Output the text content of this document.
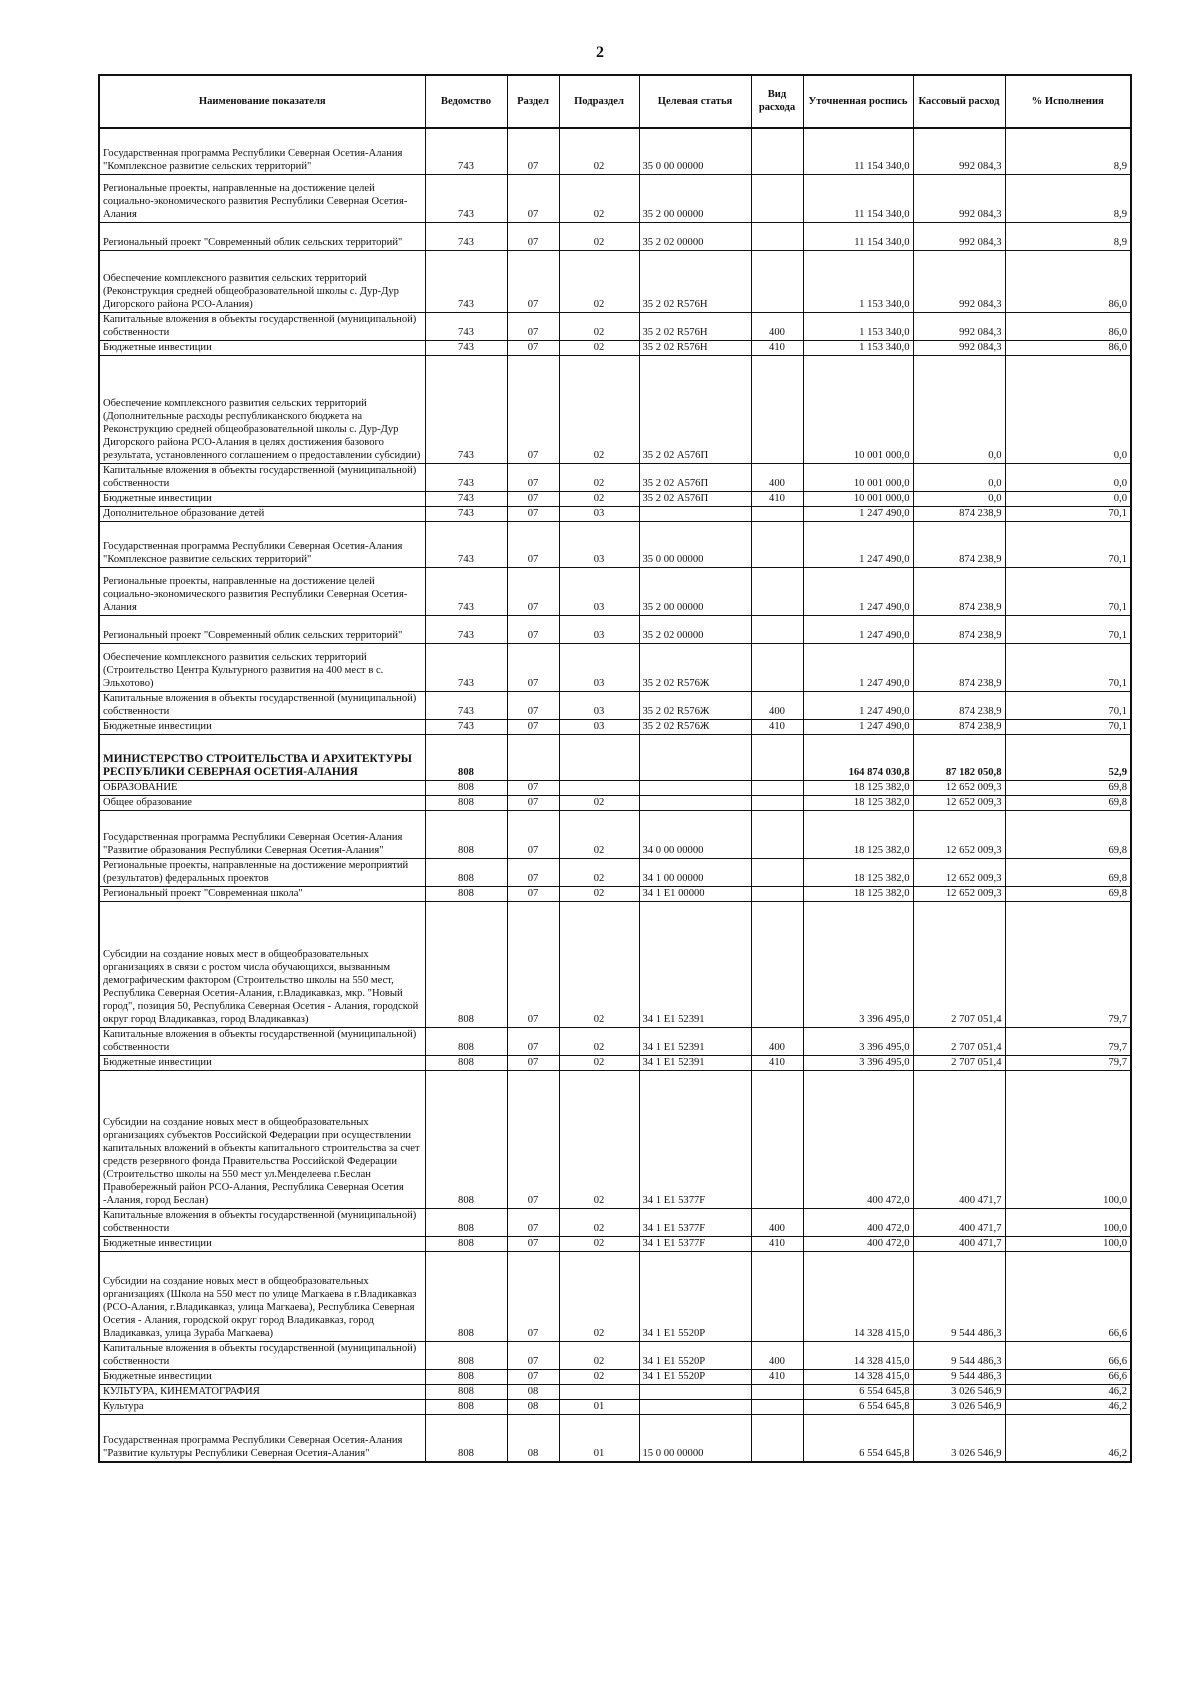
2
Наименование показателя	Ведомство	Раздел	Подраздел	Целевая статья	Вид расхода	Уточненная роспись	Кассовый расход	% Исполнения
Государственная программа Республики Северная Осетия-Алания "Комплексное развитие сельских территорий"	743	07	02	35 0 00 00000		11 154 340,0	992 084,3	8,9
Региональные проекты, направленные на достижение целей социально-экономического развития Республики Северная Осетия-Алания	743	07	02	35 2 00 00000		11 154 340,0	992 084,3	8,9
Региональный проект "Современный облик сельских территорий"	743	07	02	35 2 02 00000		11 154 340,0	992 084,3	8,9
Обеспечение комплексного развития сельских территорий (Реконструкция средней общеобразовательной школы с. Дур-Дур Дигорского района РСО-Алания)	743	07	02	35 2 02 R576Н		1 153 340,0	992 084,3	86,0
Капитальные вложения в объекты государственной (муниципальной) собственности	743	07	02	35 2 02 R576Н	400	1 153 340,0	992 084,3	86,0
Бюджетные инвестиции	743	07	02	35 2 02 R576Н	410	1 153 340,0	992 084,3	86,0
Обеспечение комплексного развития сельских территорий (Дополнительные расходы республиканского бюджета на Реконструкцию средней общеобразовательной школы с. Дур-Дур Дигорского района РСО-Алания в целях достижения базового результата, установленного соглашением о предоставлении субсидии)	743	07	02	35 2 02 А576П		10 001 000,0	0,0	0,0
Капитальные вложения в объекты государственной (муниципальной) собственности	743	07	02	35 2 02 А576П	400	10 001 000,0	0,0	0,0
Бюджетные инвестиции	743	07	02	35 2 02 А576П	410	10 001 000,0	0,0	0,0
Дополнительное образование детей	743	07	03			1 247 490,0	874 238,9	70,1
Государственная программа Республики Северная Осетия-Алания "Комплексное развитие сельских территорий"	743	07	03	35 0 00 00000		1 247 490,0	874 238,9	70,1
Региональные проекты, направленные на достижение целей социально-экономического развития Республики Северная Осетия-Алания	743	07	03	35 2 00 00000		1 247 490,0	874 238,9	70,1
Региональный проект "Современный облик сельских территорий"	743	07	03	35 2 02 00000		1 247 490,0	874 238,9	70,1
Обеспечение комплексного развития сельских территорий (Строительство Центра Культурного развития на 400 мест в с. Эльхотово)	743	07	03	35 2 02 R576Ж		1 247 490,0	874 238,9	70,1
Капитальные вложения в объекты государственной (муниципальной) собственности	743	07	03	35 2 02 R576Ж	400	1 247 490,0	874 238,9	70,1
Бюджетные инвестиции	743	07	03	35 2 02 R576Ж	410	1 247 490,0	874 238,9	70,1
МИНИСТЕРСТВО СТРОИТЕЛЬСТВА И АРХИТЕКТУРЫ РЕСПУБЛИКИ СЕВЕРНАЯ ОСЕТИЯ-АЛАНИЯ	808					164 874 030,8	87 182 050,8	52,9
ОБРАЗОВАНИЕ	808	07				18 125 382,0	12 652 009,3	69,8
Общее образование	808	07	02			18 125 382,0	12 652 009,3	69,8
Государственная программа Республики Северная Осетия-Алания "Развитие образования Республики Северная Осетия-Алания"	808	07	02	34 0 00 00000		18 125 382,0	12 652 009,3	69,8
Региональные проекты, направленные на достижение мероприятий (результатов) федеральных проектов	808	07	02	34 1 00 00000		18 125 382,0	12 652 009,3	69,8
Региональный проект "Современная школа"	808	07	02	34 1 Е1 00000		18 125 382,0	12 652 009,3	69,8
Субсидии на создание новых мест в общеобразовательных организациях в связи с ростом числа обучающихся, вызванным демографическим фактором (Строительство школы на 550 мест, Республика Северная Осетия-Алания, г.Владикавказ, мкр. "Новый город", позиция 50, Республика Северная Осетия - Алания, городской округ город Владикавказ, город Владикавказ)	808	07	02	34 1 Е1 52391		3 396 495,0	2 707 051,4	79,7
Капитальные вложения в объекты государственной (муниципальной) собственности	808	07	02	34 1 Е1 52391	400	3 396 495,0	2 707 051,4	79,7
Бюджетные инвестиции	808	07	02	34 1 Е1 52391	410	3 396 495,0	2 707 051,4	79,7
Субсидии на создание новых мест в общеобразовательных организациях субъектов Российской Федерации при осуществлении капитальных вложений в объекты капитального строительства за счет средств резервного фонда Правительства Российской Федерации (Строительство школы на 550 мест ул.Менделеева г.Беслан Правобережный район РСО-Алания, Республика Северная Осетия -Алания, город Беслан)	808	07	02	34 1 Е1 5377F		400 472,0	400 471,7	100,0
Капитальные вложения в объекты государственной (муниципальной) собственности	808	07	02	34 1 Е1 5377F	400	400 472,0	400 471,7	100,0
Бюджетные инвестиции	808	07	02	34 1 Е1 5377F	410	400 472,0	400 471,7	100,0
Субсидии на создание новых мест в общеобразовательных организациях (Школа на 550 мест по улице Магкаева в г.Владикавказ (РСО-Алания, г.Владикавказ, улица Магкаева), Республика Северная Осетия - Алания, городской округ город Владикавказ, город Владикавказ, улица Зураба Магкаева)	808	07	02	34 1 Е1 5520Р		14 328 415,0	9 544 486,3	66,6
Капитальные вложения в объекты государственной (муниципальной) собственности	808	07	02	34 1 Е1 5520Р	400	14 328 415,0	9 544 486,3	66,6
Бюджетные инвестиции	808	07	02	34 1 Е1 5520Р	410	14 328 415,0	9 544 486,3	66,6
КУЛЬТУРА, КИНЕМАТОГРАФИЯ	808	08				6 554 645,8	3 026 546,9	46,2
Культура	808	08	01			6 554 645,8	3 026 546,9	46,2
Государственная программа Республики Северная Осетия-Алания "Развитие культуры Республики Северная Осетия-Алания"	808	08	01	15 0 00 00000		6 554 645,8	3 026 546,9	46,2
